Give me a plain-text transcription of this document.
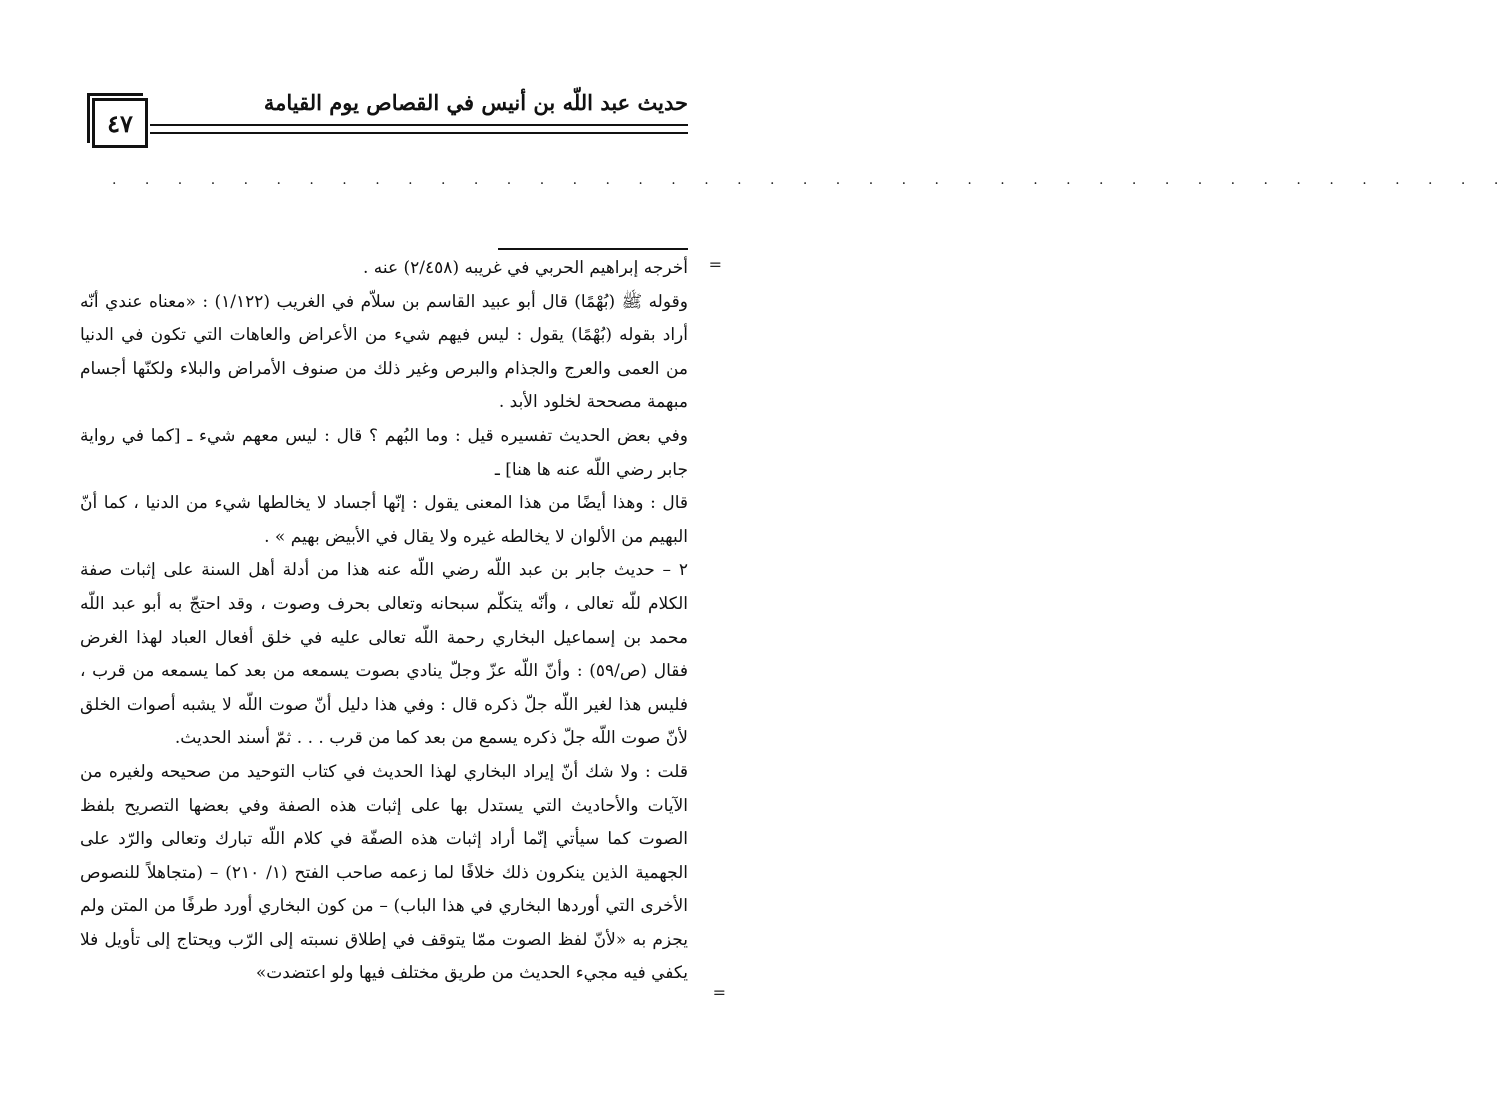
٤٧
حديث عبد اللّه بن أنيس في القصاص يوم القيامة
. . . . . . . . . . . . . . . . . . . . . . . . . . . . . . . . . . . . . . . . . . .
=
=

أخرجه إبراهيم الحربي في غريبه (٢/٤٥٨) عنه .

وقوله ﷺ (بُهْمًا) قال أبو عبيد القاسم بن سلاّم في الغريب (١/١٢٢) : «معناه عندي أنّه أراد بقوله (بُهْمًا) يقول : ليس فيهم شيء من الأعراض والعاهات التي تكون في الدنيا من العمى والعرج والجذام والبرص وغير ذلك من صنوف الأمراض والبلاء ولكنّها أجسام مبهمة مصححة لخلود الأبد .

وفي بعض الحديث تفسيره قيل : وما البُهم ؟ قال : ليس معهم شيء ـ [كما في رواية جابر رضي اللّه عنه ها هنا] ـ

قال : وهذا أيضًا من هذا المعنى يقول : إنّها أجساد لا يخالطها شيء من الدنيا ، كما أنّ البهيم من الألوان لا يخالطه غيره ولا يقال في الأبيض بهيم » .

٢ – حديث جابر بن عبد اللّه رضي اللّه عنه هذا من أدلة أهل السنة على إثبات صفة الكلام للّه تعالى ، وأنّه يتكلّم سبحانه وتعالى بحرف وصوت ، وقد احتجّ به أبو عبد اللّه محمد بن إسماعيل البخاري رحمة اللّه تعالى عليه في خلق أفعال العباد لهذا الغرض فقال (ص/٥٩) : وأنّ اللّه عزّ وجلّ ينادي بصوت يسمعه من بعد كما يسمعه من قرب ، فليس هذا لغير اللّه جلّ ذكره قال : وفي هذا دليل أنّ صوت اللّه لا يشبه أصوات الخلق لأنّ صوت اللّه جلّ ذكره يسمع من بعد كما من قرب . . . ثمّ أسند الحديث.

قلت : ولا شك أنّ إيراد البخاري لهذا الحديث في كتاب التوحيد من صحيحه ولغيره من الآيات والأحاديث التي يستدل بها على إثبات هذه الصفة وفي بعضها التصريح بلفظ الصوت كما سيأتي إنّما أراد إثبات هذه الصفّة في كلام اللّه تبارك وتعالى والرّد على الجهمية الذين ينكرون ذلك خلافًا لما زعمه صاحب الفتح (١/ ٢١٠) – (متجاهلاً للنصوص الأخرى التي أوردها البخاري في هذا الباب) – من كون البخاري أورد طرفًا من المتن ولم يجزم به «لأنّ لفظ الصوت ممّا يتوقف في إطلاق نسبته إلى الرّب ويحتاج إلى تأويل فلا يكفي فيه مجيء الحديث من طريق مختلف فيها ولو اعتضدت»
